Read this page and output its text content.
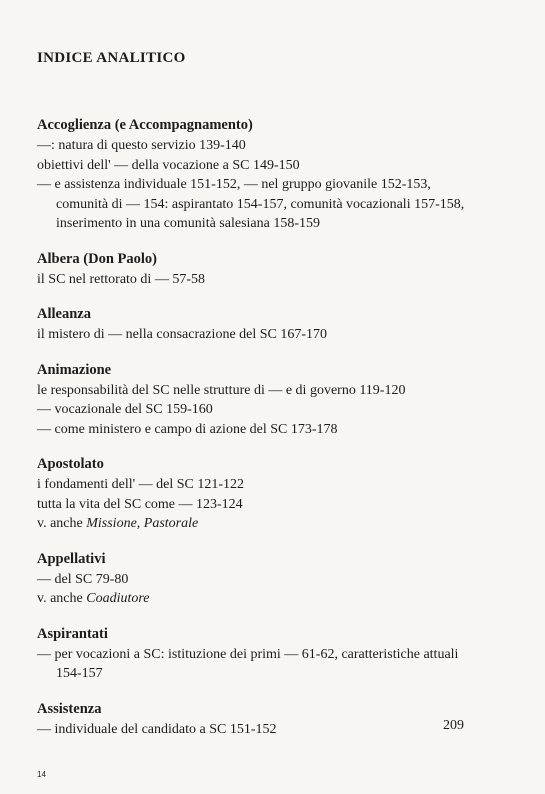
INDICE ANALITICO
Accoglienza (e Accompagnamento)
—: natura di questo servizio 139-140
obiettivi dell' — della vocazione a SC 149-150
— e assistenza individuale 151-152, — nel gruppo giovanile 152-153, comunità di — 154: aspirantato 154-157, comunità vocazionali 157-158, inserimento in una comunità salesiana 158-159
Albera (Don Paolo)
il SC nel rettorato di — 57-58
Alleanza
il mistero di — nella consacrazione del SC 167-170
Animazione
le responsabilità del SC nelle strutture di — e di governo 119-120
— vocazionale del SC 159-160
— come ministero e campo di azione del SC 173-178
Apostolato
i fondamenti dell' — del SC 121-122
tutta la vita del SC come — 123-124
v. anche Missione, Pastorale
Appellativi
— del SC 79-80
v. anche Coadiutore
Aspirantati
— per vocazioni a SC: istituzione dei primi — 61-62, caratteristiche attuali 154-157
Assistenza
— individuale del candidato a SC 151-152	209
14
